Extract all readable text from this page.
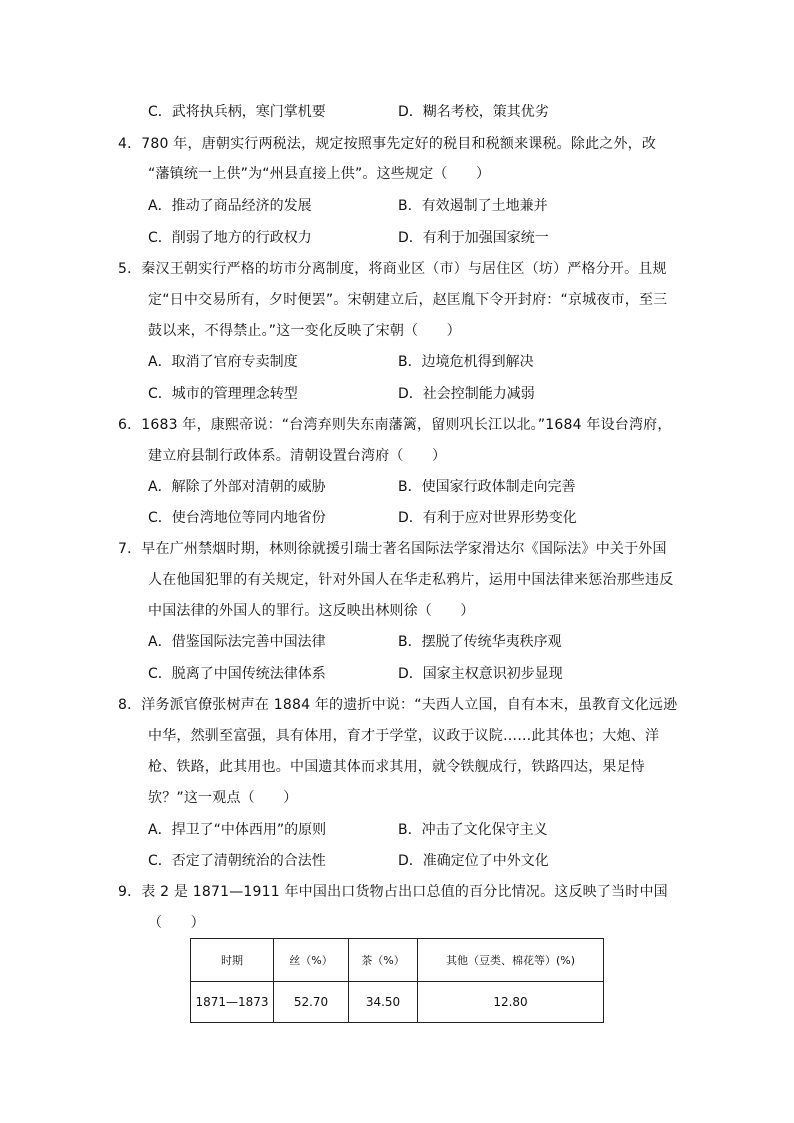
C．武将执兵柄，寒门掌机要	D．糊名考校，策其优劣
4．780 年，唐朝实行两税法，规定按照事先定好的税目和税额来课税。除此之外，改
“藩镇统一上供”为“州县直接上供”。这些规定（　　）
A．推动了商品经济的发展	B．有效遏制了土地兼并
C．削弱了地方的行政权力	D．有利于加强国家统一
5．秦汉王朝实行严格的坊市分离制度，将商业区（市）与居住区（坊）严格分开。且规
定“日中交易所有，夕时便罢”。宋朝建立后，赵匡胤下令开封府：“京城夜市，至三
鼓以来，不得禁止。”这一变化反映了宋朝（　　）
A．取消了官府专卖制度	B．边境危机得到解决
C．城市的管理理念转型	D．社会控制能力减弱
6．1683 年，康熙帝说：“台湾弃则失东南藩篱，留则巩长江以北。”1684 年设台湾府，
建立府县制行政体系。清朝设置台湾府（　　）
A．解除了外部对清朝的威胁	B．使国家行政体制走向完善
C．使台湾地位等同内地省份	D．有利于应对世界形势变化
7．早在广州禁烟时期，林则徐就援引瑞士著名国际法学家滑达尔《国际法》中关于外国
人在他国犯罪的有关规定，针对外国人在华走私鸦片，运用中国法律来惩治那些违反
中国法律的外国人的罪行。这反映出林则徐（　　）
A．借鉴国际法完善中国法律	B．摆脱了传统华夷秩序观
C．脱离了中国传统法律体系	D．国家主权意识初步显现
8．洋务派官僚张树声在 1884 年的遗折中说：“夫西人立国，自有本末，虽教育文化远逊
中华，然驯至富强，具有体用，育才于学堂，议政于议院……此其体也；大炮、洋
枪、铁路，此其用也。中国遗其体而求其用，就令铁舰成行，铁路四达，果足恃
欤？”这一观点（　　）
A．捍卫了“中体西用”的原则	B．冲击了文化保守主义
C．否定了清朝统治的合法性	D．准确定位了中外文化
9．表 2 是 1871—1911 年中国出口货物占出口总值的百分比情况。这反映了当时中国
（　　）
时期	丝（%）	茶（%）	其他（豆类、棉花等）(%)
1871—1873	52.70	34.50	12.80
